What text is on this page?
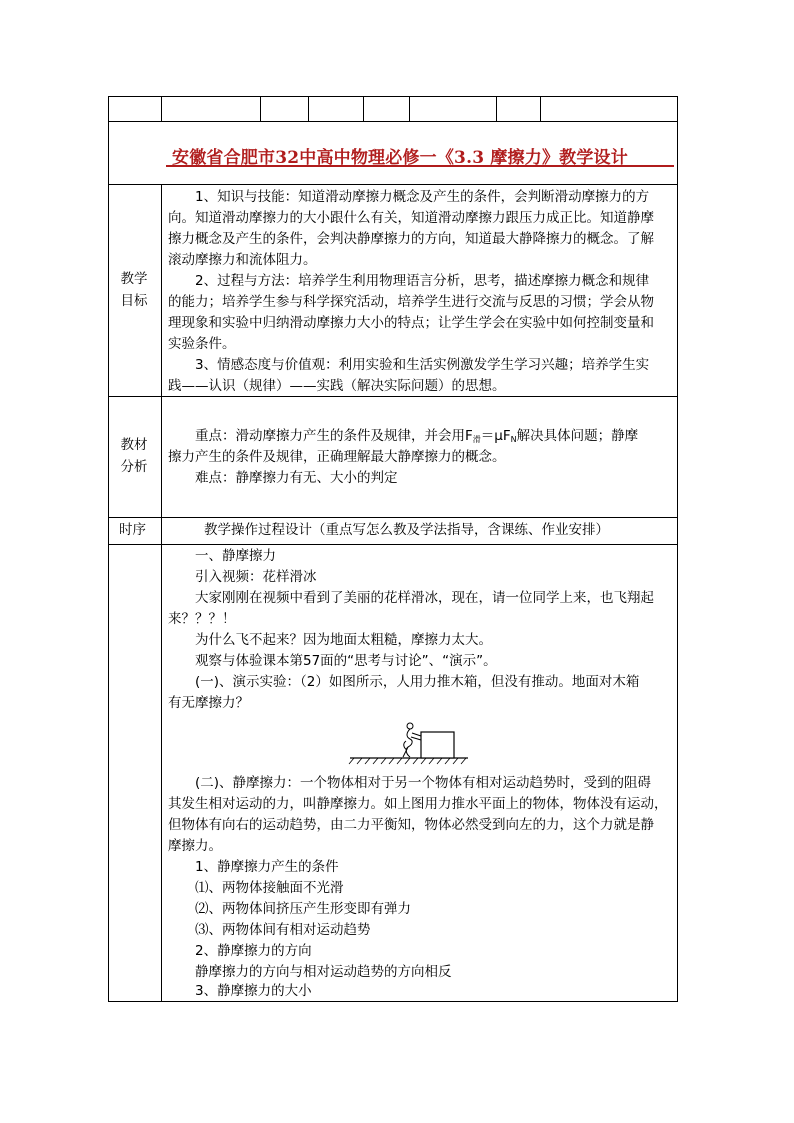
安徽省合肥市32中高中物理必修一《3.3 摩擦力》教学设计
教学
目标
1、知识与技能：知道滑动摩擦力概念及产生的条件，会判断滑动摩擦力的方
向。知道滑动摩擦力的大小跟什么有关，知道滑动摩擦力跟压力成正比。知道静摩
擦力概念及产生的条件，会判决静摩擦力的方向，知道最大静降擦力的概念。了解
滚动摩擦力和流体阻力。
2、过程与方法：培养学生利用物理语言分析，思考，描述摩擦力概念和规律
的能力；培养学生参与科学探究活动，培养学生进行交流与反思的习惯；学会从物
理现象和实验中归纳滑动摩擦力大小的特点；让学生学会在实验中如何控制变量和
实验条件。
3、情感态度与价值观：利用实验和生活实例激发学生学习兴趣；培养学生实
践——认识（规律）——实践（解决实际问题）的思想。
教材
分析
重点：滑动摩擦力产生的条件及规律，并会用$F_滑=\mu F_N$解决具体问题；静摩
擦力产生的条件及规律，正确理解最大静摩擦力的概念。
难点：静摩擦力有无、大小的判定
时序	教学操作过程设计（重点写怎么教及学法指导，含课练、作业安排）
一、静摩擦力
引入视频：花样滑冰
大家刚刚在视频中看到了美丽的花样滑冰，现在，请一位同学上来，也飞翔起
来？？？！
为什么飞不起来？因为地面太粗糙，摩擦力太大。
观察与体验课本第57面的“思考与讨论”、“演示”。
(一)、演示实验：（2）如图所示，人用力推木箱，但没有推动。地面对木箱
有无摩擦力？
(二)、静摩擦力：一个物体相对于另一个物体有相对运动趋势时，受到的阻碍
其发生相对运动的力，叫静摩擦力。如上图用力推水平面上的物体，物体没有运动，
但物体有向右的运动趋势，由二力平衡知，物体必然受到向左的力，这个力就是静
摩擦力。
1、静摩擦力产生的条件
⑴、两物体接触面不光滑
⑵、两物体间挤压产生形变即有弹力
⑶、两物体间有相对运动趋势
2、静摩擦力的方向
静摩擦力的方向与相对运动趋势的方向相反
3、静摩擦力的大小
